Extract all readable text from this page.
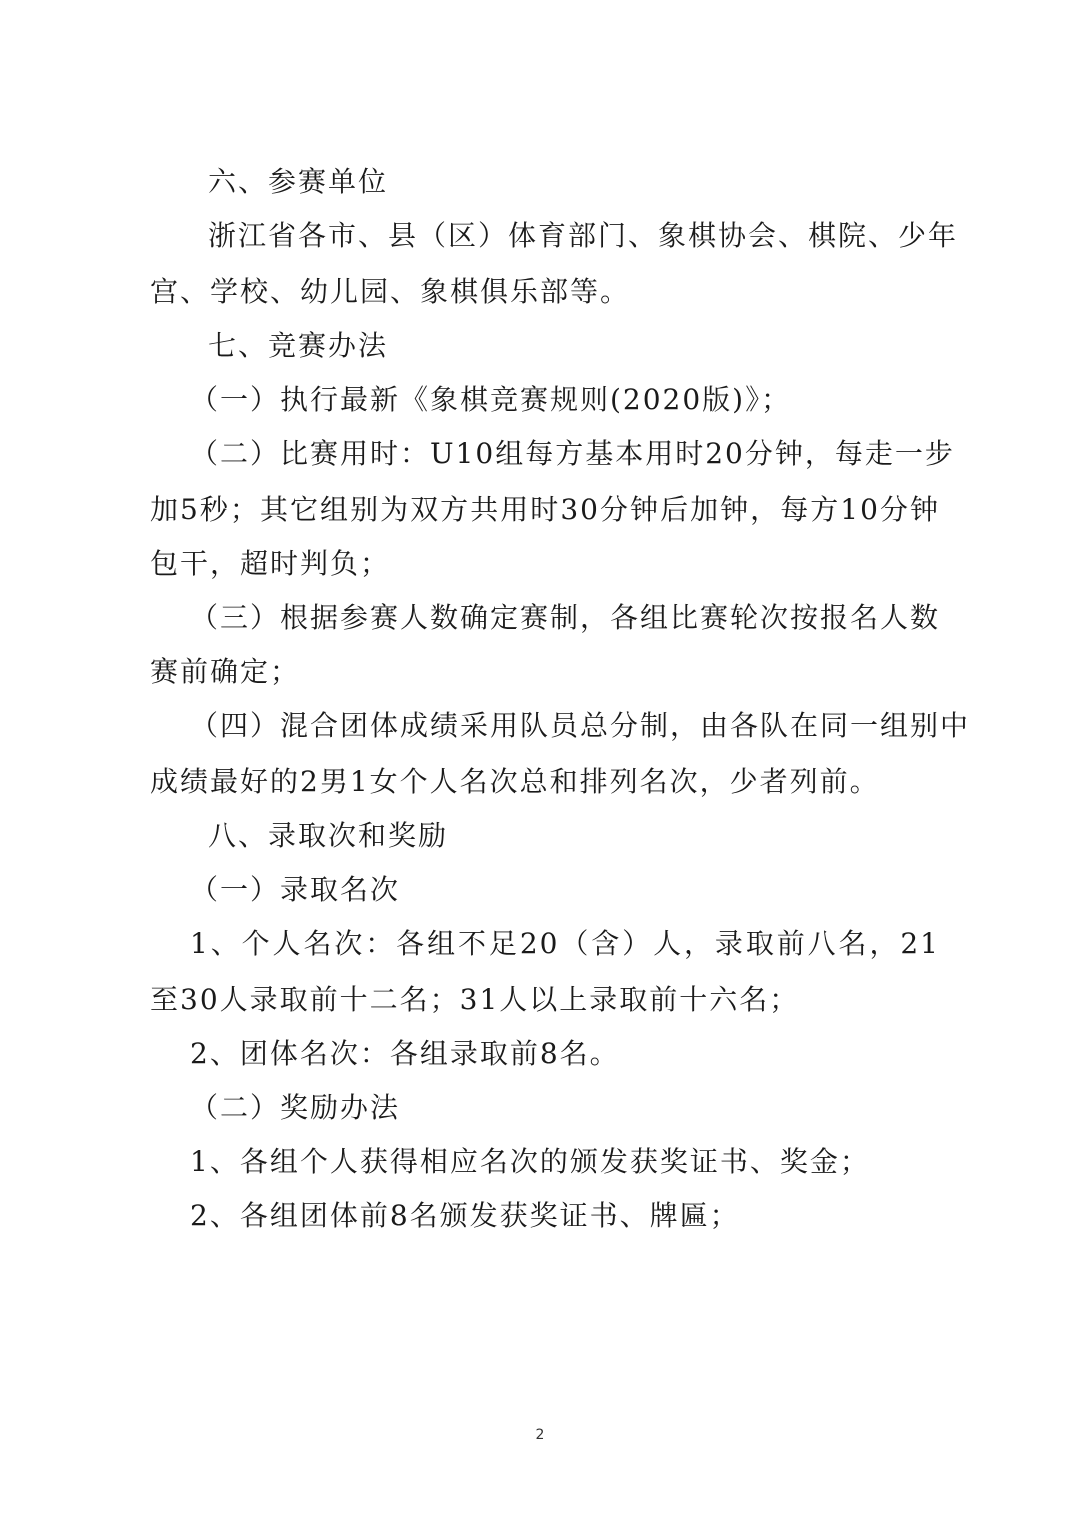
六、参赛单位
浙江省各市、县（区）体育部门、象棋协会、棋院、少年
宫、学校、幼儿园、象棋俱乐部等。
七、竞赛办法
（一）执行最新《象棋竞赛规则(2020版)》；
（二）比赛用时：U10组每方基本用时20分钟，每走一步
加5秒；其它组别为双方共用时30分钟后加钟，每方10分钟
包干，超时判负；
（三）根据参赛人数确定赛制，各组比赛轮次按报名人数
赛前确定；
（四）混合团体成绩采用队员总分制，由各队在同一组别中
成绩最好的2男1女个人名次总和排列名次，少者列前。
八、录取次和奖励
（一）录取名次
1、个人名次：各组不足20（含）人，录取前八名，21
至30人录取前十二名；31人以上录取前十六名；
2、团体名次：各组录取前8名。
（二）奖励办法
1、各组个人获得相应名次的颁发获奖证书、奖金；
2、各组团体前8名颁发获奖证书、牌匾；
2
